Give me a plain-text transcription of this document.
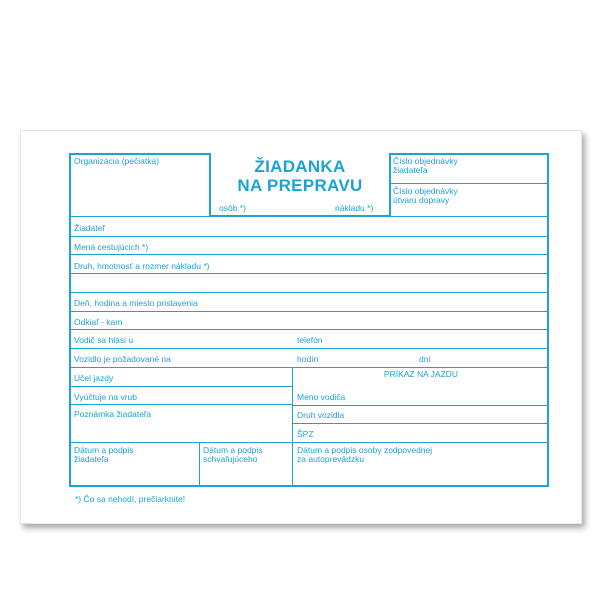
ŽIADANKA
NA PREPRAVU
Organizácia (pečiatka)
osôb *)	nákladu *)
Číslo objednávky
žiadateľa
Číslo objednávky
útvaru dopravy
Žiadateľ
Mená cestujúcich *)
Druh, hmotnosť a rozmer nákladu *)
Deň, hodina a miesto pristavenia
Odkiaľ - kam
Vodič sa hlási u	telefón
Vozidlo je požadované na	hodín	dní
Účel jazdy
Vyúčtuje na vrub
Poznámka žiadateľa
PRÍKAZ NA JAZDU
Meno vodiča
Druh vozidla
ŠPZ
Dátum a podpis
žiadateľa
Dátum a podpis
schvaľujúceho
Dátum a podpis osoby zodpovednej
za autoprevádzku
*) Čo sa nehodí, prečiarknite!
